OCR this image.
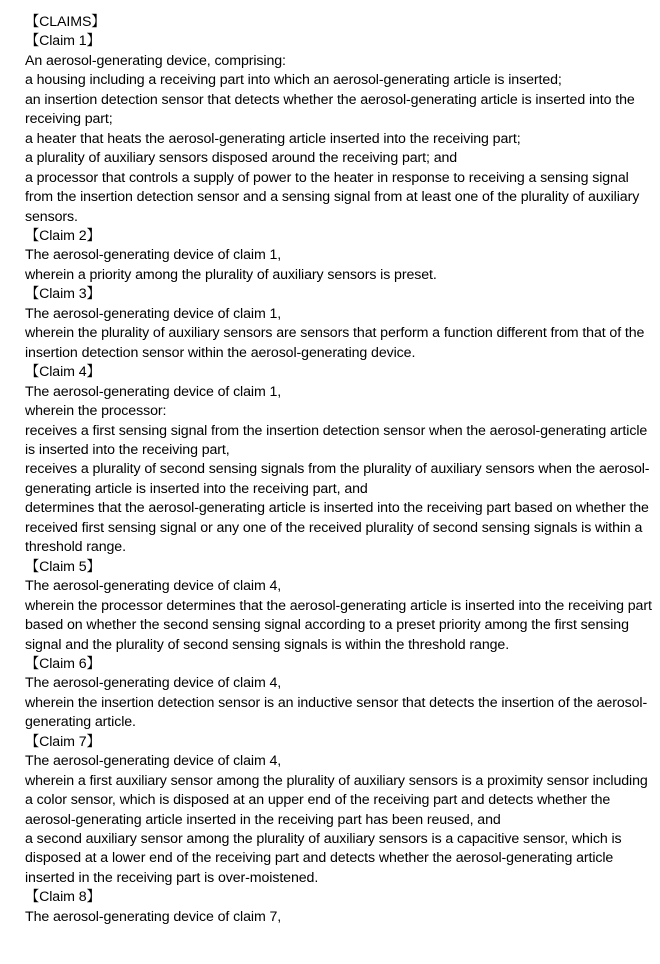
【CLAIMS】

【Claim 1】

An aerosol-generating device, comprising:

a housing including a receiving part into which an aerosol-generating article is inserted;

an insertion detection sensor that detects whether the aerosol-generating article is inserted into the receiving part;

a heater that heats the aerosol-generating article inserted into the receiving part;

a plurality of auxiliary sensors disposed around the receiving part; and

a processor that controls a supply of power to the heater in response to receiving a sensing signal from the insertion detection sensor and a sensing signal from at least one of the plurality of auxiliary sensors.

【Claim 2】

The aerosol-generating device of claim 1,

wherein a priority among the plurality of auxiliary sensors is preset.

【Claim 3】

The aerosol-generating device of claim 1,

wherein the plurality of auxiliary sensors are sensors that perform a function different from that of the insertion detection sensor within the aerosol-generating device.

【Claim 4】

The aerosol-generating device of claim 1,

wherein the processor:

receives a first sensing signal from the insertion detection sensor when the aerosol-generating article is inserted into the receiving part,

receives a plurality of second sensing signals from the plurality of auxiliary sensors when the aerosol-generating article is inserted into the receiving part, and

determines that the aerosol-generating article is inserted into the receiving part based on whether the received first sensing signal or any one of the received plurality of second sensing signals is within a threshold range.

【Claim 5】

The aerosol-generating device of claim 4,

wherein the processor determines that the aerosol-generating article is inserted into the receiving part based on whether the second sensing signal according to a preset priority among the first sensing signal and the plurality of second sensing signals is within the threshold range.

【Claim 6】

The aerosol-generating device of claim 4,

wherein the insertion detection sensor is an inductive sensor that detects the insertion of the aerosol-generating article.

【Claim 7】

The aerosol-generating device of claim 4,

wherein a first auxiliary sensor among the plurality of auxiliary sensors is a proximity sensor including a color sensor, which is disposed at an upper end of the receiving part and detects whether the aerosol-generating article inserted in the receiving part has been reused, and

a second auxiliary sensor among the plurality of auxiliary sensors is a capacitive sensor, which is disposed at a lower end of the receiving part and detects whether the aerosol-generating article inserted in the receiving part is over-moistened.

【Claim 8】

The aerosol-generating device of claim 7,
